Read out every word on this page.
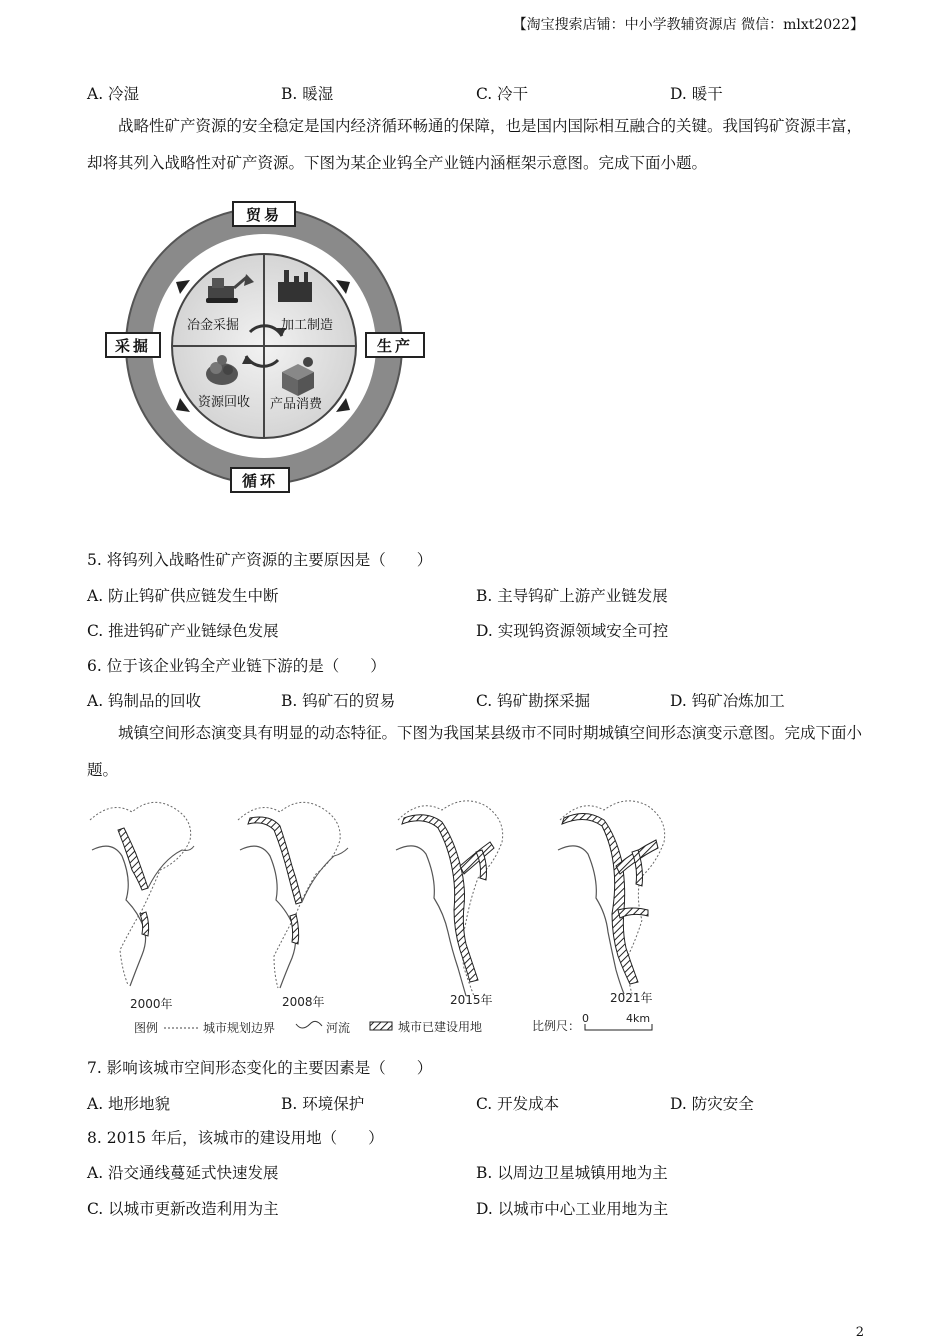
【淘宝搜索店铺：中小学教辅资源店 微信：mlxt2022】
A. 冷湿	B. 暖湿	C. 冷干	D. 暖干
战略性矿产资源的安全稳定是国内经济循环畅通的保障，也是国内国际相互融合的关键。我国钨矿资源丰富，却将其列入战略性对矿产资源。下图为某企业钨全产业链内涵框架示意图。完成下面小题。
冶金采掘	加工制造
资源回收 产品消费
贸易
采掘	生产
循环
5. 将钨列入战略性矿产资源的主要原因是（　　）
A. 防止钨矿供应链发生中断	B. 主导钨矿上游产业链发展
C. 推进钨矿产业链绿色发展	D. 实现钨资源领域安全可控
6. 位于该企业钨全产业链下游的是（　　）
A. 钨制品的回收	B. 钨矿石的贸易	C. 钨矿勘探采掘	D. 钨矿冶炼加工
城镇空间形态演变具有明显的动态特征。下图为我国某县级市不同时期城镇空间形态演变示意图。完成下面小题。
2000年	2008年	2015年	2021年
图例	城市规划边界	河流	城市已建设用地	比例尺：
0	4km
7. 影响该城市空间形态变化的主要因素是（　　）
A. 地形地貌	B. 环境保护	C. 开发成本	D. 防灾安全
8. 2015 年后，该城市的建设用地（　　）
A. 沿交通线蔓延式快速发展	B. 以周边卫星城镇用地为主
C. 以城市更新改造利用为主	D. 以城市中心工业用地为主
2
